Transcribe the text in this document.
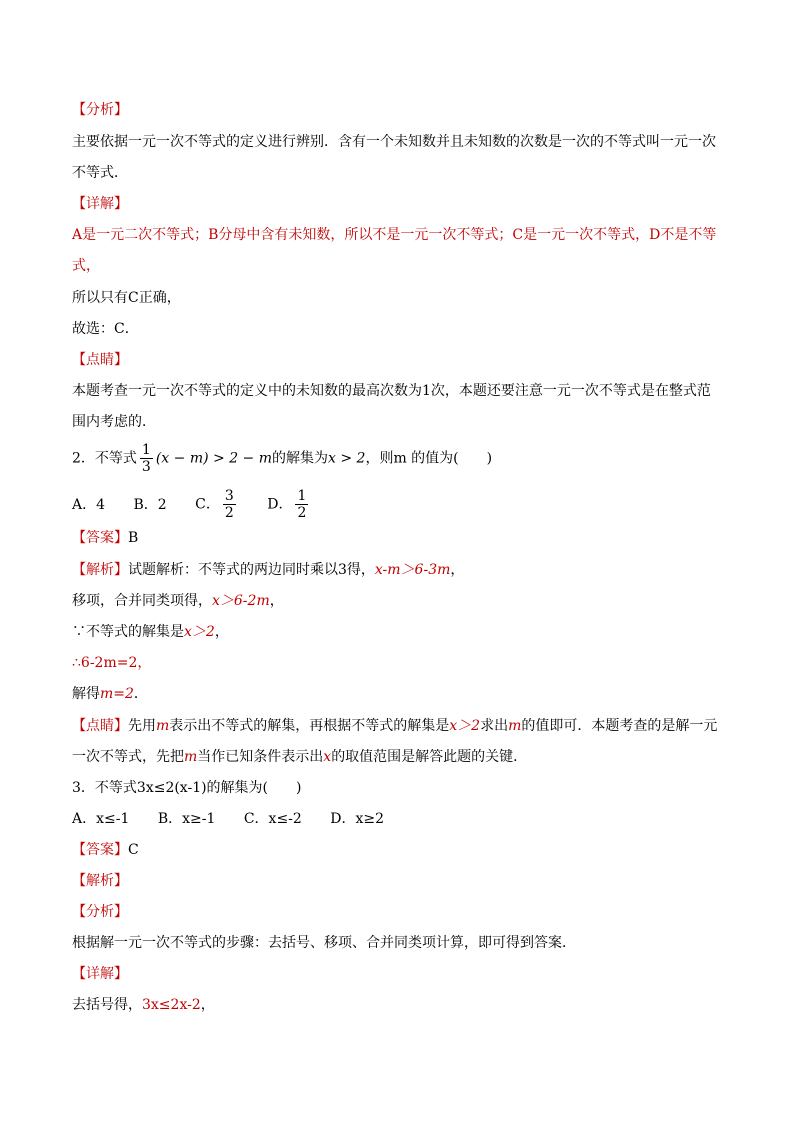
【分析】
主要依据一元一次不等式的定义进行辨别．含有一个未知数并且未知数的次数是一次的不等式叫一元一次
不等式．
【详解】
A是一元二次不等式；B分母中含有未知数，所以不是一元一次不等式；C是一元一次不等式，D不是不等
式，
所以只有C正确，
故选：C．
【点睛】
本题考查一元一次不等式的定义中的未知数的最高次数为1次，本题还要注意一元一次不等式是在整式范
围内考虑的．
2．不等式 $\frac{1}{3} (x - m) > 2 - m$的解集为x > 2，则m 的值为(　　)
A．4 B．2 C． $\frac{3}{2}$ D． $\frac{1}{2}$
【答案】B
【解析】试题解析：不等式的两边同时乘以3得，x-m＞6-3m，
移项，合并同类项得，x＞6-2m，
∵不等式的解集是x＞2，
∴6-2m=2，
解得m=2．
【点睛】先用m表示出不等式的解集，再根据不等式的解集是x＞2求出m的值即可．本题考查的是解一元
一次不等式，先把m当作已知条件表示出x的取值范围是解答此题的关键．
3．不等式3x≤2(x-1)的解集为(　　)
A．x≤-1 B．x≥-1 C．x≤-2 D．x≥2
【答案】C
【解析】
【分析】
根据解一元一次不等式的步骤：去括号、移项、合并同类项计算，即可得到答案．
【详解】
去括号得，3x≤2x-2，
